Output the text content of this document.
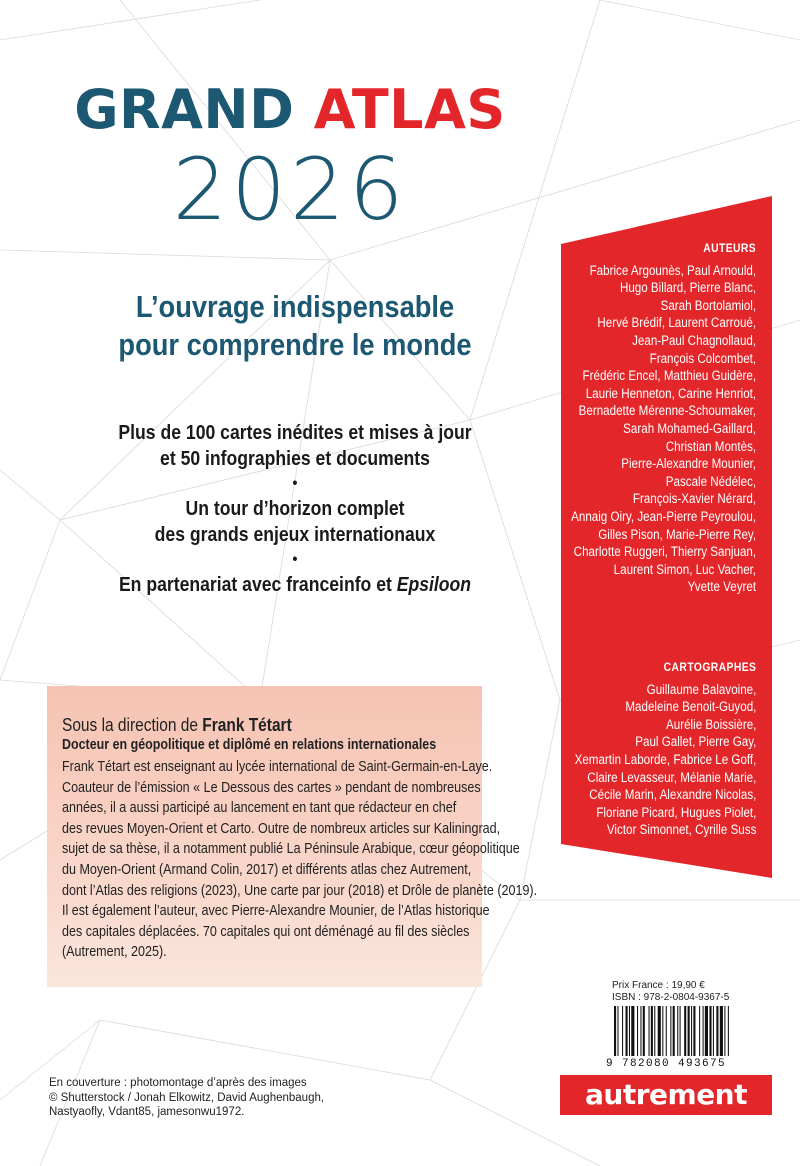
GRAND ATLAS
2026
L’ouvrage indispensable
pour comprendre le monde
Plus de 100 cartes inédites et mises à jour
et 50 infographies et documents
•
Un tour d’horizon complet
des grands enjeux internationaux
•
En partenariat avec franceinfo et Epsiloon
AUTEURS
Fabrice Argounès, Paul Arnould,
Hugo Billard, Pierre Blanc,
Sarah Bortolamiol,
Hervé Brédif, Laurent Carroué,
Jean-Paul Chagnollaud,
François Colcombet,
Frédéric Encel, Matthieu Guidère,
Laurie Henneton, Carine Henriot,
Bernadette Mérenne-Schoumaker,
Sarah Mohamed-Gaillard,
Christian Montès,
Pierre-Alexandre Mounier,
Pascale Nédélec,
François-Xavier Nérard,
Annaig Oiry, Jean-Pierre Peyroulou,
Gilles Pison, Marie-Pierre Rey,
Charlotte Ruggeri, Thierry Sanjuan,
Laurent Simon, Luc Vacher,
Yvette Veyret
CARTOGRAPHES
Guillaume Balavoine,
Madeleine Benoit-Guyod,
Aurélie Boissière,
Paul Gallet, Pierre Gay,
Xemartin Laborde, Fabrice Le Goff,
Claire Levasseur, Mélanie Marie,
Cécile Marin, Alexandre Nicolas,
Floriane Picard, Hugues Piolet,
Victor Simonnet, Cyrille Suss
Sous la direction de Frank Tétart
Docteur en géopolitique et diplômé en relations internationales
Frank Tétart est enseignant au lycée international de Saint-Germain-en-Laye.
Coauteur de l’émission « Le Dessous des cartes » pendant de nombreuses
années, il a aussi participé au lancement en tant que rédacteur en chef
des revues Moyen-Orient et Carto. Outre de nombreux articles sur Kaliningrad,
sujet de sa thèse, il a notamment publié La Péninsule Arabique, cœur géopolitique
du Moyen-Orient (Armand Colin, 2017) et différents atlas chez Autrement,
dont l’Atlas des religions (2023), Une carte par jour (2018) et Drôle de planète (2019).
Il est également l’auteur, avec Pierre-Alexandre Mounier, de l’Atlas historique
des capitales déplacées. 70 capitales qui ont déménagé au fil des siècles
(Autrement, 2025).
Prix France : 19,90 €
ISBN : 978-2-0804-9367-5
9 782080 493675
En couverture : photomontage d’après des images
© Shutterstock / Jonah Elkowitz, David Aughenbaugh,
Nastyaofly, Vdant85, jamesonwu1972.
autrement
